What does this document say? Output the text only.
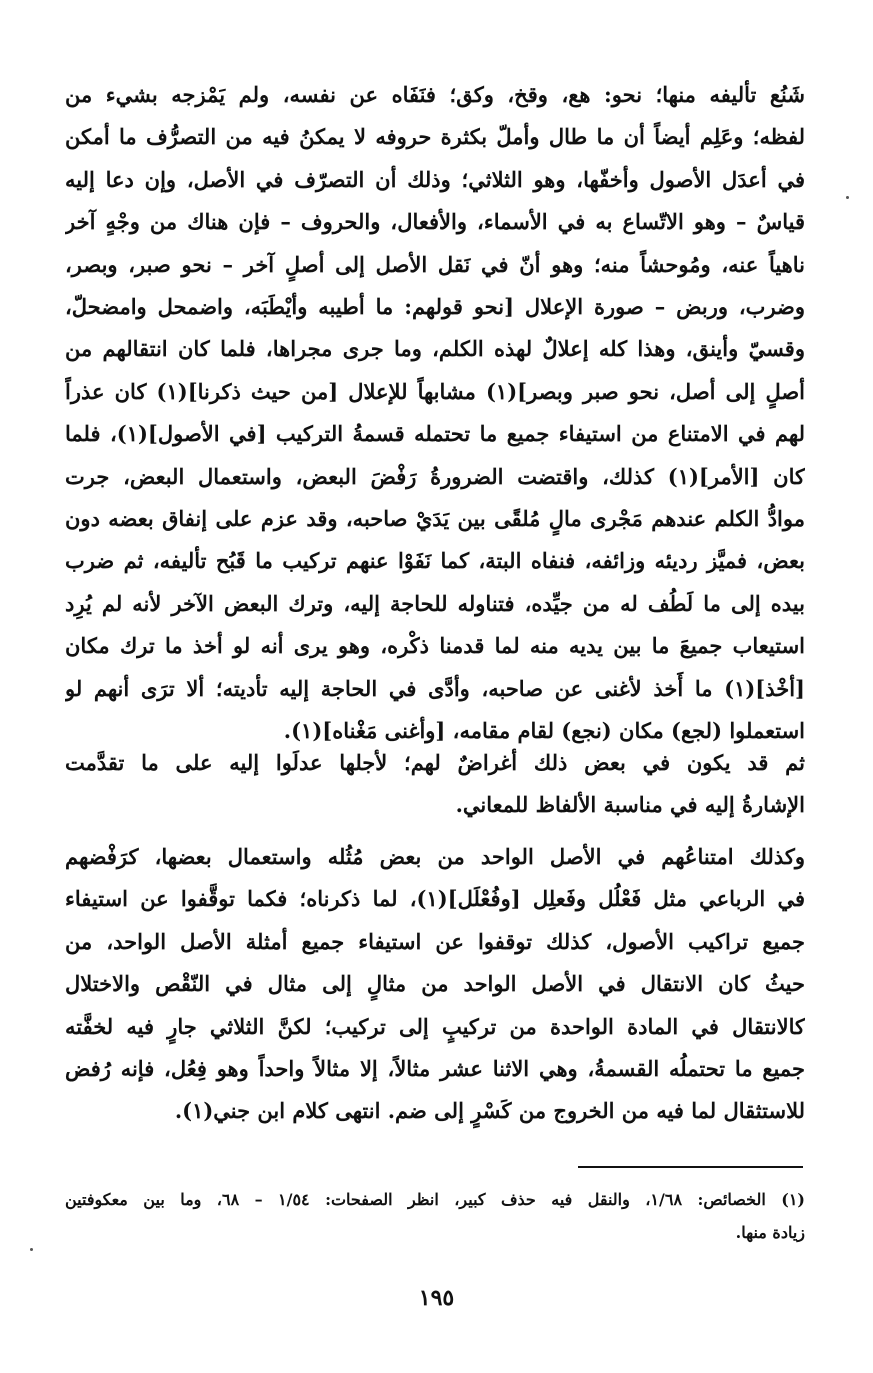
شَنُع تأليفه منها؛ نحو: هع، وقخ، وكق؛ فنَفَاه عن نفسه، ولم يَمْزجه بشيء من
لفظه؛ وعَلِم أيضاً أن ما طال وأملّ بكثرة حروفه لا يمكنُ فيه من التصرُّف ما أمكن
في أعدَل الأصول وأخفّها، وهو الثلاثي؛ وذلك أن التصرّف في الأصل، وإن دعا إليه
قياسٌ – وهو الاتّساع به في الأسماء، والأفعال، والحروف – فإن هناك من وجْهٍ آخر
ناهياً عنه، ومُوحشاً منه؛ وهو أنّ في نَقل الأصل إلى أصلٍ آخر – نحو صبر، وبصر،
وضرب، وربض – صورة الإعلال [نحو قولهم: ما أطيبه وأيْطَبَه، واضمحل وامضحلّ،
وقسيّ وأينق، وهذا كله إعلالٌ لهذه الكلم، وما جرى مجراها، فلما كان انتقالهم من
أصلٍ إلى أصل، نحو صبر وبصر](١) مشابهاً للإعلال [من حيث ذكرنا](١) كان عذراً
لهم في الامتناع من استيفاء جميع ما تحتمله قسمةُ التركيب [في الأصول](١)، فلما
كان [الأمر](١) كذلك، واقتضت الضرورةُ رَفْضَ البعض، واستعمال البعض، جرت
موادُّ الكلم عندهم مَجْرى مالٍ مُلقًى بين يَدَيْ صاحبه، وقد عزم على إنفاق بعضه دون
بعض، فميَّز رديئه وزائفه، فنفاه البتة، كما نَفَوْا عنهم تركيب ما قَبُح تأليفه، ثم ضرب
بيده إلى ما لَطُف له من جيِّده، فتناوله للحاجة إليه، وترك البعض الآخر لأنه لم يُرِد
استيعاب جميعَ ما بين يديه منه لما قدمنا ذكْره، وهو يرى أنه لو أخذ ما ترك مكان
[أخْذ](١) ما أَخذ لأغنى عن صاحبه، وأدَّى في الحاجة إليه تأديته؛ ألا ترَى أنهم لو
استعملوا (لجع) مكان (نجع) لقام مقامه، [وأغنى مَغْناه](١).

ثم قد يكون في بعض ذلك أغراضٌ لهم؛ لأجلها عدلَوا إليه على ما تقدَّمت
الإشارةُ إليه في مناسبة الألفاظ للمعاني.

وكذلك امتناعُهم في الأصل الواحد من بعض مُثُله واستعمال بعضها، كرَفْضهم
في الرباعي مثل فَعْلُل وفَعلِل [وفُعْلَل](١)، لما ذكرناه؛ فكما توقَّفوا عن استيفاء
جميع تراكيب الأصول، كذلك توقفوا عن استيفاء جميع أمثلة الأصل الواحد، من
حيثُ كان الانتقال في الأصل الواحد من مثالٍ إلى مثال في النّقْص والاختلال
كالانتقال في المادة الواحدة من تركيبٍ إلى تركيب؛ لكنَّ الثلاثي جارٍ فيه لخفَّته
جميع ما تحتملُه القسمةُ، وهي الاثنا عشر مثالاً، إلا مثالاً واحداً وهو فِعُل، فإنه رُفض
للاستثقال لما فيه من الخروج من كَسْرٍ إلى ضم. انتهى كلام ابن جني(١).

(١) الخصائص: ١/٦٨، والنقل فيه حذف كبير، انظر الصفحات: ١/٥٤ – ٦٨، وما بين معكوفتين
زيادة منها.

١٩٥
